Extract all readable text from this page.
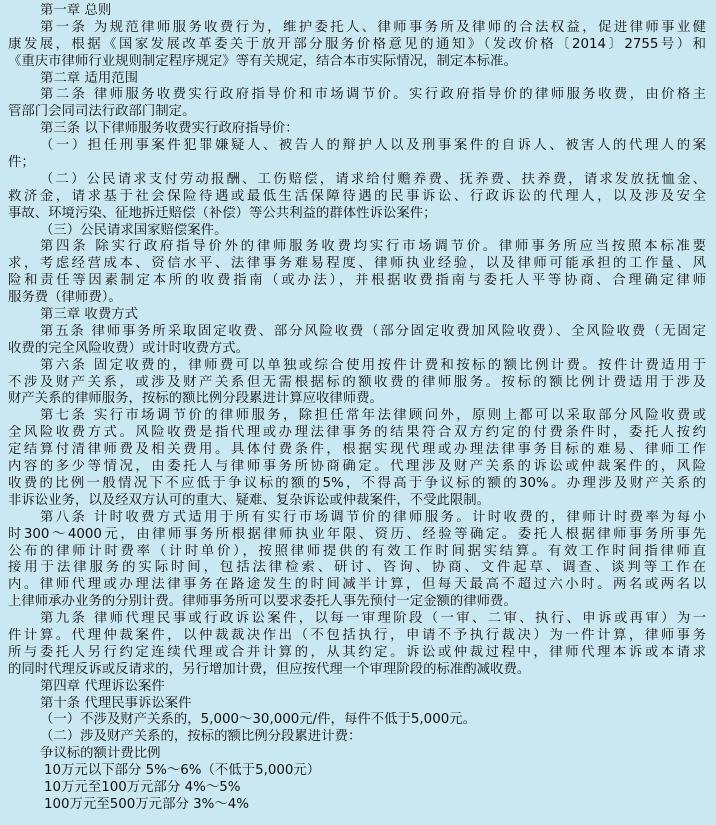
第一章 总则
第一条 为规范律师服务收费行为，维护委托人、律师事务所及律师的合法权益，促进律师事业健
康发展，根据《国家发展改革委关于放开部分服务价格意见的通知》（发改价格〔2014〕2755号）和
《重庆市律师行业规则制定程序规定》等有关规定，结合本市实际情况，制定本标准。
第二章 适用范围
第二条 律师服务收费实行政府指导价和市场调节价。实行政府指导价的律师服务收费，由价格主
管部门会同司法行政部门制定。
第三条 以下律师服务收费实行政府指导价：
（一）担任刑事案件犯罪嫌疑人、被告人的辩护人以及刑事案件的自诉人、被害人的代理人的案
件；
（二）公民请求支付劳动报酬、工伤赔偿，请求给付赡养费、抚养费、扶养费，请求发放抚恤金、
救济金，请求基于社会保险待遇或最低生活保障待遇的民事诉讼、行政诉讼的代理人，以及涉及安全
事故、环境污染、征地拆迁赔偿（补偿）等公共利益的群体性诉讼案件；
（三）公民请求国家赔偿案件。
第四条 除实行政府指导价外的律师服务收费均实行市场调节价。律师事务所应当按照本标准要
求，考虑经营成本、资信水平、法律事务难易程度、律师执业经验，以及律师可能承担的工作量、风
险和责任等因素制定本所的收费指南（或办法），并根据收费指南与委托人平等协商、合理确定律师
服务费（律师费）。
第三章 收费方式
第五条 律师事务所采取固定收费、部分风险收费（部分固定收费加风险收费）、全风险收费（无固定
收费的完全风险收费）或计时收费方式。
第六条 固定收费的，律师费可以单独或综合使用按件计费和按标的额比例计费。按件计费适用于
不涉及财产关系，或涉及财产关系但无需根据标的额收费的律师服务。按标的额比例计费适用于涉及
财产关系的律师服务，按标的额比例分段累进计算应收律师费。
第七条 实行市场调节价的律师服务，除担任常年法律顾问外，原则上都可以采取部分风险收费或
全风险收费方式。风险收费是指代理或办理法律事务的结果符合双方约定的付费条件时，委托人按约
定结算付清律师费及相关费用。具体付费条件，根据实现代理或办理法律事务目标的难易、律师工作
内容的多少等情况，由委托人与律师事务所协商确定。代理涉及财产关系的诉讼或仲裁案件的，风险
收费的比例一般情况下不应低于争议标的额的5%，不得高于争议标的额的30%。办理涉及财产关系的
非诉讼业务，以及经双方认可的重大、疑难、复杂诉讼或仲裁案件，不受此限制。
第八条 计时收费方式适用于所有实行市场调节价的律师服务。计时收费的，律师计时费率为每小
时300～4000元，由律师事务所根据律师执业年限、资历、经验等确定。委托人根据律师事务所事先
公布的律师计时费率（计时单价），按照律师提供的有效工作时间据实结算。有效工作时间指律师直
接用于法律服务的实际时间，包括法律检索、研讨、咨询、协商、文件起草、调查、谈判等工作在
内。律师代理或办理法律事务在路途发生的时间减半计算，但每天最高不超过六小时。两名或两名以
上律师承办业务的分别计费。律师事务所可以要求委托人事先预付一定金额的律师费。
第九条 律师代理民事或行政诉讼案件，以每一审理阶段（一审、二审、执行、申诉或再审）为一
件计算。代理仲裁案件，以仲裁裁决作出（不包括执行，申请不予执行裁决）为一件计算，律师事务
所与委托人另行约定连续代理或合并计算的，从其约定。诉讼或仲裁过程中，律师代理本诉或本请求
的同时代理反诉或反请求的，另行增加计费，但应按代理一个审理阶段的标准酌减收费。
第四章 代理诉讼案件
第十条 代理民事诉讼案件
（一）不涉及财产关系的，5,000～30,000元/件，每件不低于5,000元。
（二）涉及财产关系的，按标的额比例分段累进计费：
争议标的额计费比例
10万元以下部分 5%～6%（不低于5,000元）
10万元至100万元部分 4%～5%
100万元至500万元部分 3%～4%
